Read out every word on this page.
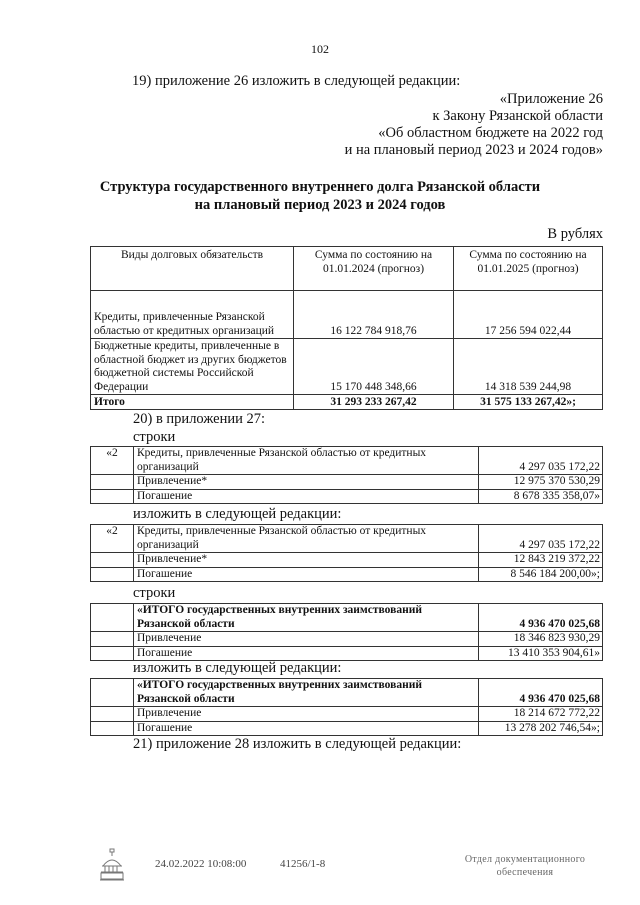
102
19) приложение 26 изложить в следующей редакции:
«Приложение 26
к Закону Рязанской области
«Об областном бюджете на 2022 год
и на плановый период 2023 и 2024 годов»
Структура государственного внутреннего долга Рязанской области
на плановый период 2023 и 2024 годов
В рублях
Виды долговых обязательств	Сумма по состоянию на 01.01.2024 (прогноз)	Сумма по состоянию на 01.01.2025 (прогноз)
Кредиты, привлеченные Рязанской областью от кредитных организаций	16 122 784 918,76	17 256 594 022,44
Бюджетные кредиты, привлеченные в областной бюджет из других бюджетов бюджетной системы Российской Федерации	15 170 448 348,66	14 318 539 244,98
Итого	31 293 233 267,42	31 575 133 267,42»;
20) в приложении 27:
строки
«2	Кредиты, привлеченные Рязанской областью от кредитных организаций	4 297 035 172,22
	Привлечение*	12 975 370 530,29
	Погашение	8 678 335 358,07»
изложить в следующей редакции:
«2	Кредиты, привлеченные Рязанской областью от кредитных организаций	4 297 035 172,22
	Привлечение*	12 843 219 372,22
	Погашение	8 546 184 200,00»;
строки
	«ИТОГО государственных внутренних заимствований Рязанской области	4 936 470 025,68
	Привлечение	18 346 823 930,29
	Погашение	13 410 353 904,61»
изложить в следующей редакции:
	«ИТОГО государственных внутренних заимствований Рязанской области	4 936 470 025,68
	Привлечение	18 214 672 772,22
	Погашение	13 278 202 746,54»;
21) приложение 28 изложить в следующей редакции:
24.02.2022 10:08:00	41256/1-8	Отдел документационного
обеспечения
